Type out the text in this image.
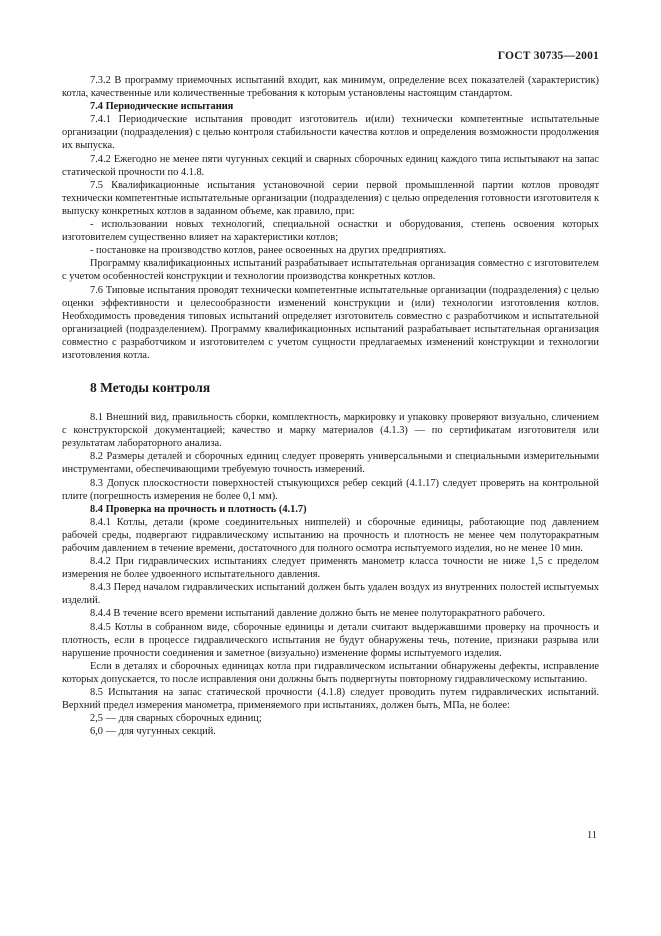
ГОСТ 30735—2001

7.3.2 В программу приемочных испытаний входит, как минимум, определение всех показателей (характеристик) котла, качественные или количественные требования к которым установлены настоящим стандартом.

7.4 Периодические испытания

7.4.1 Периодические испытания проводит изготовитель и(или) технически компетентные испытательные организации (подразделения) с целью контроля стабильности качества котлов и определения возможности продолжения их выпуска.

7.4.2 Ежегодно не менее пяти чугунных секций и сварных сборочных единиц каждого типа испытывают на запас статической прочности по 4.1.8.

7.5 Квалификационные испытания установочной серии первой промышленной партии котлов проводят технически компетентные испытательные организации (подразделения) с целью определения готовности изготовителя к выпуску конкретных котлов в заданном объеме, как правило, при:

- использовании новых технологий, специальной оснастки и оборудования, степень освоения которых изготовителем существенно влияет на характеристики котлов;

- постановке на производство котлов, ранее освоенных на других предприятиях.

Программу квалификационных испытаний разрабатывает испытательная организация совместно с изготовителем с учетом особенностей конструкции и технологии производства конкретных котлов.

7.6 Типовые испытания проводят технически компетентные испытательные организации (подразделения) с целью оценки эффективности и целесообразности изменений конструкции и (или) технологии изготовления котлов. Необходимость проведения типовых испытаний определяет изготовитель совместно с разработчиком и испытательной организацией (подразделением). Программу квалификационных испытаний разрабатывает испытательная организация совместно с разработчиком и изготовителем с учетом сущности предлагаемых изменений конструкции и технологии изготовления котла.

8 Методы контроля

8.1 Внешний вид, правильность сборки, комплектность, маркировку и упаковку проверяют визуально, сличением с конструкторской документацией; качество и марку материалов (4.1.3) — по сертификатам изготовителя или результатам лабораторного анализа.

8.2 Размеры деталей и сборочных единиц следует проверять универсальными и специальными измерительными инструментами, обеспечивающими требуемую точность измерений.

8.3 Допуск плоскостности поверхностей стыкующихся ребер секций (4.1.17) следует проверять на контрольной плите (погрешность измерения не более 0,1 мм).

8.4 Проверка на прочность и плотность (4.1.7)

8.4.1 Котлы, детали (кроме соединительных ниппелей) и сборочные единицы, работающие под давлением рабочей среды, подвергают гидравлическому испытанию на прочность и плотность не менее чем полуторакратным рабочим давлением в течение времени, достаточного для полного осмотра испытуемого изделия, но не менее 10 мин.

8.4.2 При гидравлических испытаниях следует применять манометр класса точности не ниже 1,5 с пределом измерения не более удвоенного испытательного давления.

8.4.3 Перед началом гидравлических испытаний должен быть удален воздух из внутренних полостей испытуемых изделий.

8.4.4 В течение всего времени испытаний давление должно быть не менее полуторакратного рабочего.

8.4.5 Котлы в собранном виде, сборочные единицы и детали считают выдержавшими проверку на прочность и плотность, если в процессе гидравлического испытания не будут обнаружены течь, потение, признаки разрыва или нарушение прочности соединения и заметное (визуально) изменение формы испытуемого изделия.

Если в деталях и сборочных единицах котла при гидравлическом испытании обнаружены дефекты, исправление которых допускается, то после исправления они должны быть подвергнуты повторному гидравлическому испытанию.

8.5 Испытания на запас статической прочности (4.1.8) следует проводить путем гидравлических испытаний. Верхний предел измерения манометра, применяемого при испытаниях, должен быть, МПа, не более:

2,5 — для сварных сборочных единиц;

6,0 — для чугунных секций.

11
